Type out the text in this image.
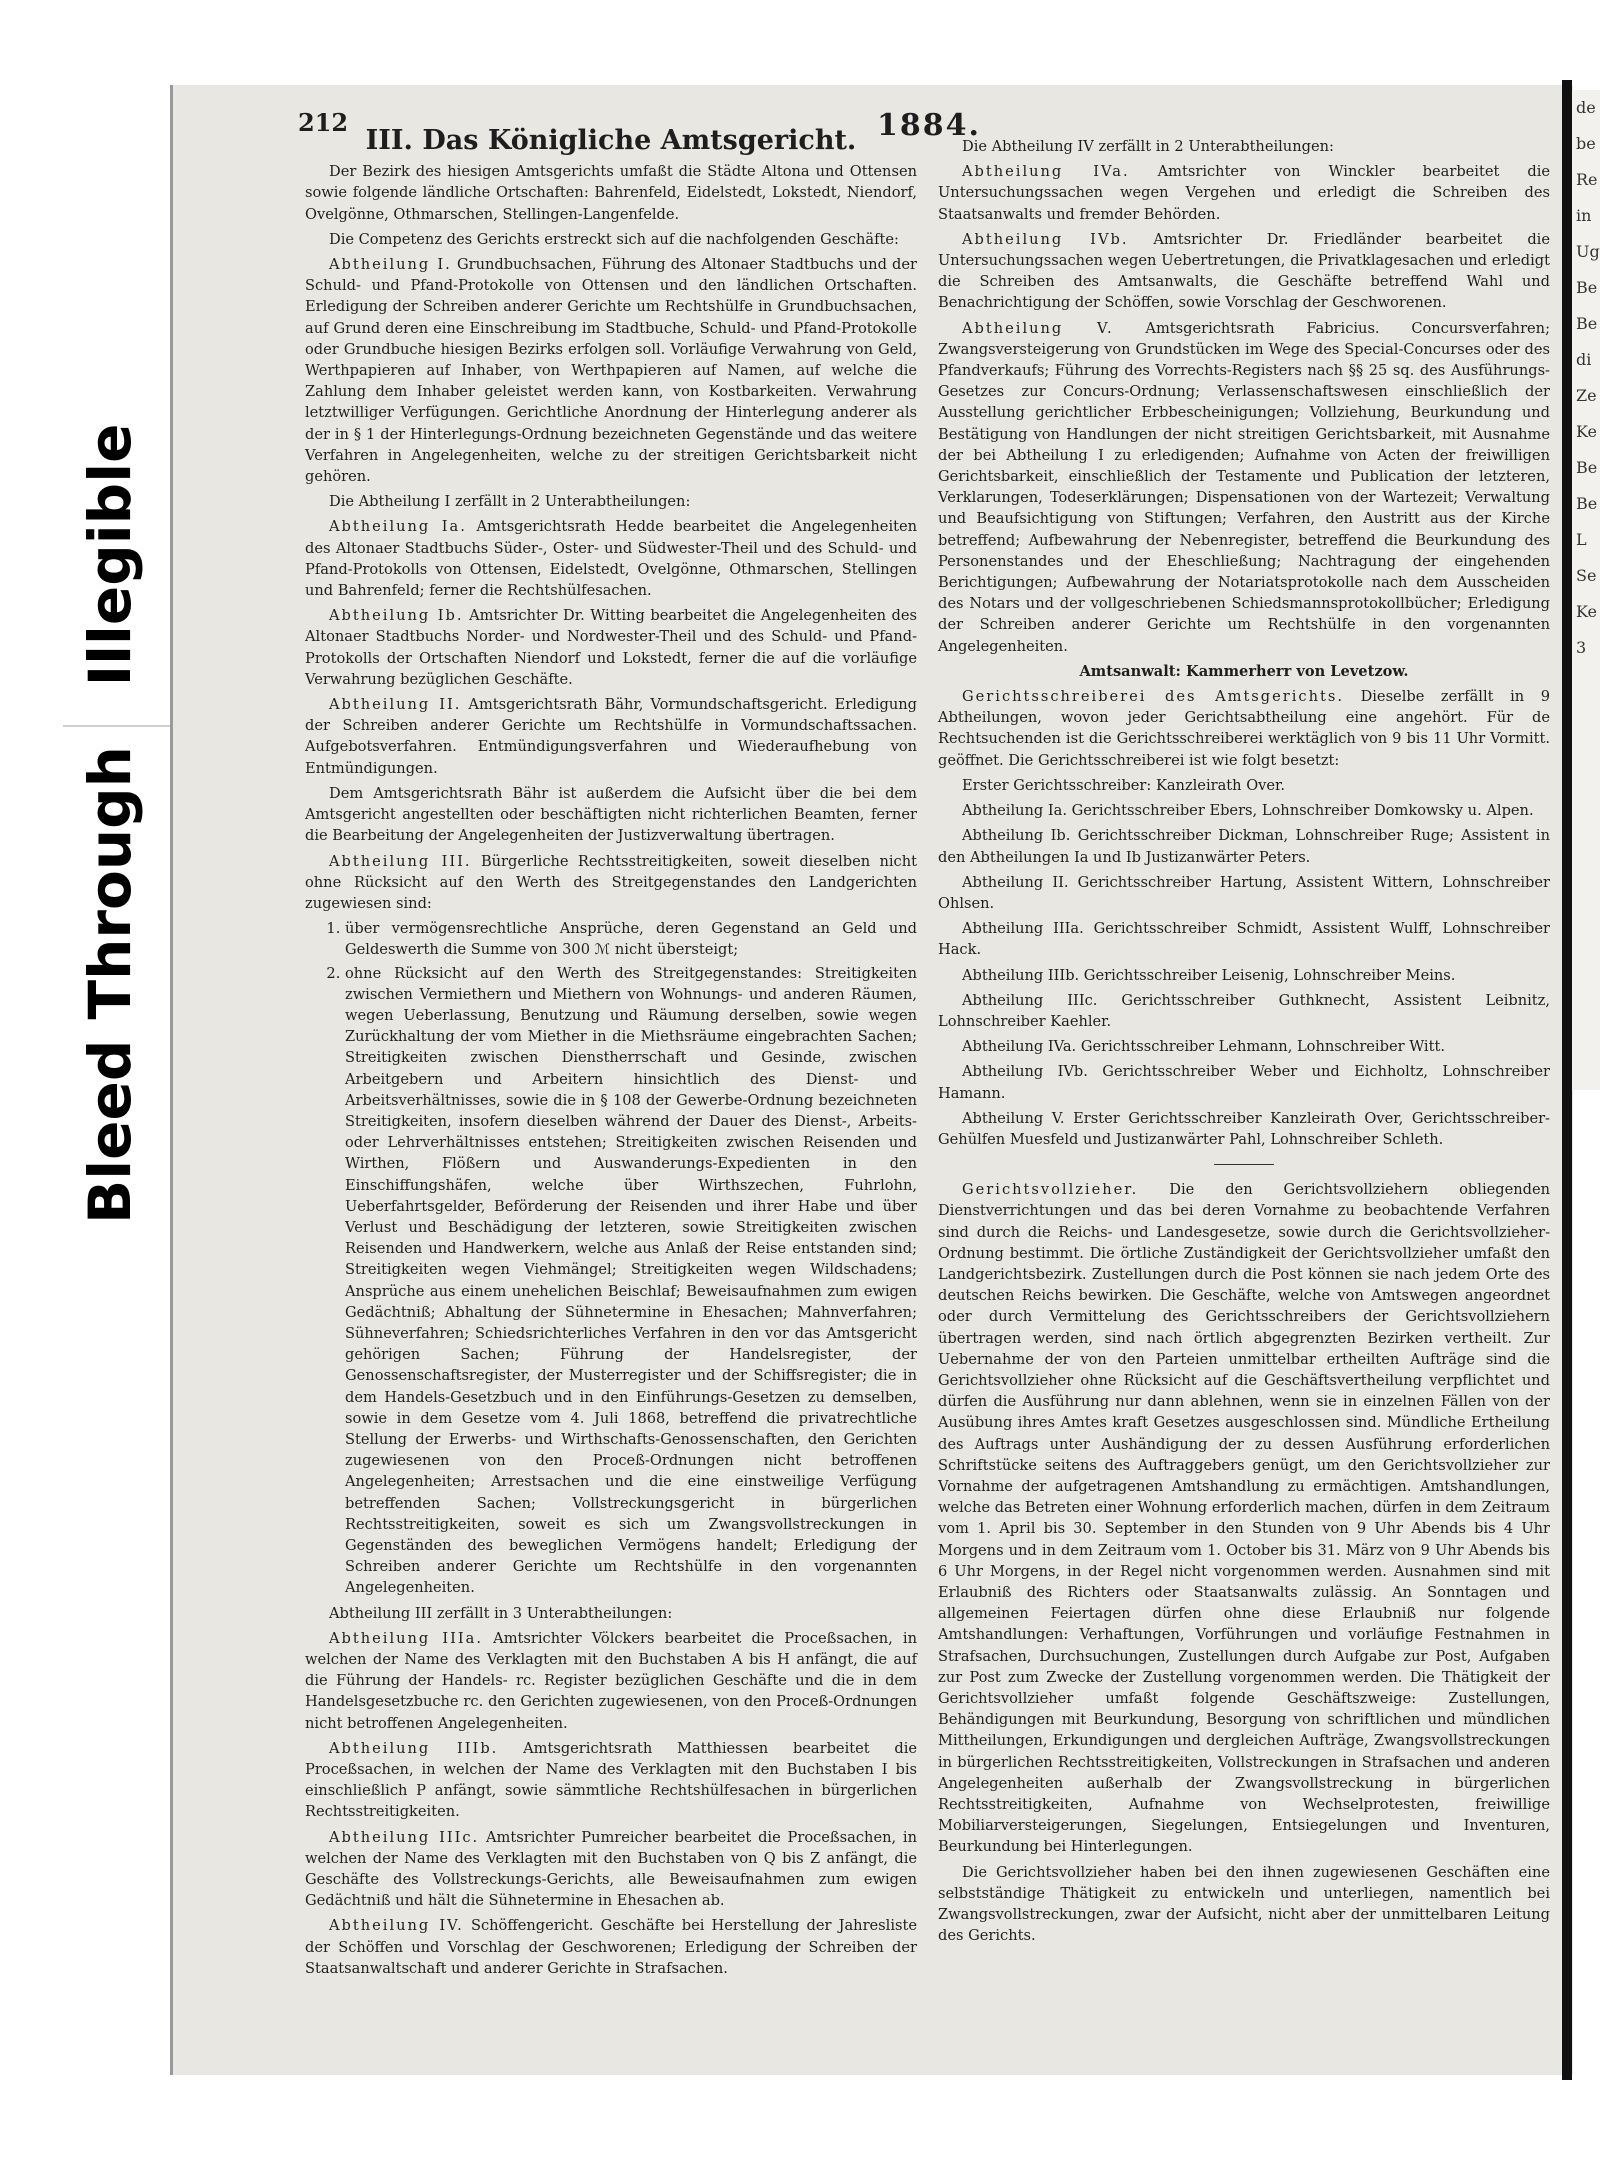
Illegible
Bleed Through
de
be
Re
in
Ug
Be
Be
di
Ze
Ke
Be
Be
L
Se
Ke
3
212	1884.
III. Das Königliche Amtsgericht.

Der Bezirk des hiesigen Amtsgerichts umfaßt die Städte Altona und Ottensen sowie folgende ländliche Ortschaften: Bahrenfeld, Eidelstedt, Lokstedt, Niendorf, Ovelgönne, Othmarschen, Stellingen-Langenfelde.

Die Competenz des Gerichts erstreckt sich auf die nachfolgenden Geschäfte:

Abtheilung I. Grundbuchsachen, Führung des Altonaer Stadtbuchs und der Schuld- und Pfand-Protokolle von Ottensen und den ländlichen Ortschaften. Erledigung der Schreiben anderer Gerichte um Rechtshülfe in Grundbuchsachen, auf Grund deren eine Einschreibung im Stadtbuche, Schuld- und Pfand-Protokolle oder Grundbuche hiesigen Bezirks erfolgen soll. Vorläufige Verwahrung von Geld, Werthpapieren auf Inhaber, von Werthpapieren auf Namen, auf welche die Zahlung dem Inhaber geleistet werden kann, von Kostbarkeiten. Verwahrung letztwilliger Verfügungen. Gerichtliche Anordnung der Hinterlegung anderer als der in § 1 der Hinterlegungs-Ordnung bezeichneten Gegenstände und das weitere Verfahren in Angelegenheiten, welche zu der streitigen Gerichtsbarkeit nicht gehören.

Die Abtheilung I zerfällt in 2 Unterabtheilungen:

Abtheilung Ia. Amtsgerichtsrath Hedde bearbeitet die Angelegenheiten des Altonaer Stadtbuchs Süder-, Oster- und Südwester-Theil und des Schuld- und Pfand-Protokolls von Ottensen, Eidelstedt, Ovelgönne, Othmarschen, Stellingen und Bahrenfeld; ferner die Rechtshülfesachen.

Abtheilung Ib. Amtsrichter Dr. Witting bearbeitet die Angelegenheiten des Altonaer Stadtbuchs Norder- und Nordwester-Theil und des Schuld- und Pfand-Protokolls der Ortschaften Niendorf und Lokstedt, ferner die auf die vorläufige Verwahrung bezüglichen Geschäfte.

Abtheilung II. Amtsgerichtsrath Bähr, Vormundschaftsgericht. Erledigung der Schreiben anderer Gerichte um Rechtshülfe in Vormundschaftssachen. Aufgebotsverfahren. Entmündigungsverfahren und Wiederaufhebung von Entmündigungen.

Dem Amtsgerichtsrath Bähr ist außerdem die Aufsicht über die bei dem Amtsgericht angestellten oder beschäftigten nicht richterlichen Beamten, ferner die Bearbeitung der Angelegenheiten der Justizverwaltung übertragen.

Abtheilung III. Bürgerliche Rechtsstreitigkeiten, soweit dieselben nicht ohne Rücksicht auf den Werth des Streitgegenstandes den Landgerichten zugewiesen sind:

1. über vermögensrechtliche Ansprüche, deren Gegenstand an Geld und Geldeswerth die Summe von 300 ℳ nicht übersteigt;
2. ohne Rücksicht auf den Werth des Streitgegenstandes: Streitigkeiten zwischen Vermiethern und Miethern von Wohnungs- und anderen Räumen, wegen Ueberlassung, Benutzung und Räumung derselben, sowie wegen Zurückhaltung der vom Miether in die Miethsräume eingebrachten Sachen; Streitigkeiten zwischen Dienstherrschaft und Gesinde, zwischen Arbeitgebern und Arbeitern hinsichtlich des Dienst- und Arbeitsverhältnisses, sowie die in § 108 der Gewerbe-Ordnung bezeichneten Streitigkeiten, insofern dieselben während der Dauer des Dienst-, Arbeits- oder Lehrverhältnisses entstehen; Streitigkeiten zwischen Reisenden und Wirthen, Flößern und Auswanderungs-Expedienten in den Einschiffungshäfen, welche über Wirthszechen, Fuhrlohn, Ueberfahrtsgelder, Beförderung der Reisenden und ihrer Habe und über Verlust und Beschädigung der letzteren, sowie Streitigkeiten zwischen Reisenden und Handwerkern, welche aus Anlaß der Reise entstanden sind; Streitigkeiten wegen Viehmängel; Streitigkeiten wegen Wildschadens; Ansprüche aus einem unehelichen Beischlaf; Beweisaufnahmen zum ewigen Gedächtniß; Abhaltung der Sühnetermine in Ehesachen; Mahnverfahren; Sühneverfahren; Schiedsrichterliches Verfahren in den vor das Amtsgericht gehörigen Sachen; Führung der Handelsregister, der Genossenschaftsregister, der Musterregister und der Schiffsregister; die in dem Handels-Gesetzbuch und in den Einführungs-Gesetzen zu demselben, sowie in dem Gesetze vom 4. Juli 1868, betreffend die privatrechtliche Stellung der Erwerbs- und Wirthschafts-Genossenschaften, den Gerichten zugewiesenen von den Proceß-Ordnungen nicht betroffenen Angelegenheiten; Arrestsachen und die eine einstweilige Verfügung betreffenden Sachen; Vollstreckungsgericht in bürgerlichen Rechtsstreitigkeiten, soweit es sich um Zwangsvollstreckungen in Gegenständen des beweglichen Vermögens handelt; Erledigung der Schreiben anderer Gerichte um Rechtshülfe in den vorgenannten Angelegenheiten.

Abtheilung III zerfällt in 3 Unterabtheilungen:

Abtheilung IIIa. Amtsrichter Völckers bearbeitet die Proceßsachen, in welchen der Name des Verklagten mit den Buchstaben A bis H anfängt, die auf die Führung der Handels- rc. Register bezüglichen Geschäfte und die in dem Handelsgesetzbuche rc. den Gerichten zugewiesenen, von den Proceß-Ordnungen nicht betroffenen Angelegenheiten.

Abtheilung IIIb. Amtsgerichtsrath Matthiessen bearbeitet die Proceßsachen, in welchen der Name des Verklagten mit den Buchstaben I bis einschließlich P anfängt, sowie sämmtliche Rechtshülfesachen in bürgerlichen Rechtsstreitigkeiten.

Abtheilung IIIc. Amtsrichter Pumreicher bearbeitet die Proceßsachen, in welchen der Name des Verklagten mit den Buchstaben von Q bis Z anfängt, die Geschäfte des Vollstreckungs-Gerichts, alle Beweisaufnahmen zum ewigen Gedächtniß und hält die Sühnetermine in Ehesachen ab.

Abtheilung IV. Schöffengericht. Geschäfte bei Herstellung der Jahresliste der Schöffen und Vorschlag der Geschworenen; Erledigung der Schreiben der Staatsanwaltschaft und anderer Gerichte in Strafsachen.

Die Abtheilung IV zerfällt in 2 Unterabtheilungen:

Abtheilung IVa. Amtsrichter von Winckler bearbeitet die Untersuchungssachen wegen Vergehen und erledigt die Schreiben des Staatsanwalts und fremder Behörden.

Abtheilung IVb. Amtsrichter Dr. Friedländer bearbeitet die Untersuchungssachen wegen Uebertretungen, die Privatklagesachen und erledigt die Schreiben des Amtsanwalts, die Geschäfte betreffend Wahl und Benachrichtigung der Schöffen, sowie Vorschlag der Geschworenen.

Abtheilung V. Amtsgerichtsrath Fabricius. Concursverfahren; Zwangsversteigerung von Grundstücken im Wege des Special-Concurses oder des Pfandverkaufs; Führung des Vorrechts-Registers nach §§ 25 sq. des Ausführungs-Gesetzes zur Concurs-Ordnung; Verlassenschaftswesen einschließlich der Ausstellung gerichtlicher Erbbescheinigungen; Vollziehung, Beurkundung und Bestätigung von Handlungen der nicht streitigen Gerichtsbarkeit, mit Ausnahme der bei Abtheilung I zu erledigenden; Aufnahme von Acten der freiwilligen Gerichtsbarkeit, einschließlich der Testamente und Publication der letzteren, Verklarungen, Todeserklärungen; Dispensationen von der Wartezeit; Verwaltung und Beaufsichtigung von Stiftungen; Verfahren, den Austritt aus der Kirche betreffend; Aufbewahrung der Nebenregister, betreffend die Beurkundung des Personenstandes und der Eheschließung; Nachtragung der eingehenden Berichtigungen; Aufbewahrung der Notariatsprotokolle nach dem Ausscheiden des Notars und der vollgeschriebenen Schiedsmannsprotokollbücher; Erledigung der Schreiben anderer Gerichte um Rechtshülfe in den vorgenannten Angelegenheiten.

Amtsanwalt: Kammerherr von Levetzow.

Gerichtsschreiberei des Amtsgerichts. Dieselbe zerfällt in 9 Abtheilungen, wovon jeder Gerichtsabtheilung eine angehört. Für de Rechtsuchenden ist die Gerichtsschreiberei werktäglich von 9 bis 11 Uhr Vormitt. geöffnet. Die Gerichtsschreiberei ist wie folgt besetzt:

Erster Gerichtsschreiber: Kanzleirath Over.

Abtheilung Ia. Gerichtsschreiber Ebers, Lohnschreiber Domkowsky u. Alpen.

Abtheilung Ib. Gerichtsschreiber Dickman, Lohnschreiber Ruge; Assistent in den Abtheilungen Ia und Ib Justizanwärter Peters.

Abtheilung II. Gerichtsschreiber Hartung, Assistent Wittern, Lohnschreiber Ohlsen.

Abtheilung IIIa. Gerichtsschreiber Schmidt, Assistent Wulff, Lohnschreiber Hack.

Abtheilung IIIb. Gerichtsschreiber Leisenig, Lohnschreiber Meins.

Abtheilung IIIc. Gerichtsschreiber Guthknecht, Assistent Leibnitz, Lohnschreiber Kaehler.

Abtheilung IVa. Gerichtsschreiber Lehmann, Lohnschreiber Witt.

Abtheilung IVb. Gerichtsschreiber Weber und Eichholtz, Lohnschreiber Hamann.

Abtheilung V. Erster Gerichtsschreiber Kanzleirath Over, Gerichtsschreiber-Gehülfen Muesfeld und Justizanwärter Pahl, Lohnschreiber Schleth.

Gerichtsvollzieher. Die den Gerichtsvollziehern obliegenden Dienstverrichtungen und das bei deren Vornahme zu beobachtende Verfahren sind durch die Reichs- und Landesgesetze, sowie durch die Gerichtsvollzieher-Ordnung bestimmt. Die örtliche Zuständigkeit der Gerichtsvollzieher umfaßt den Landgerichtsbezirk. Zustellungen durch die Post können sie nach jedem Orte des deutschen Reichs bewirken. Die Geschäfte, welche von Amtswegen angeordnet oder durch Vermittelung des Gerichtsschreibers der Gerichtsvollziehern übertragen werden, sind nach örtlich abgegrenzten Bezirken vertheilt. Zur Uebernahme der von den Parteien unmittelbar ertheilten Aufträge sind die Gerichtsvollzieher ohne Rücksicht auf die Geschäftsvertheilung verpflichtet und dürfen die Ausführung nur dann ablehnen, wenn sie in einzelnen Fällen von der Ausübung ihres Amtes kraft Gesetzes ausgeschlossen sind. Mündliche Ertheilung des Auftrags unter Aushändigung der zu dessen Ausführung erforderlichen Schriftstücke seitens des Auftraggebers genügt, um den Gerichtsvollzieher zur Vornahme der aufgetragenen Amtshandlung zu ermächtigen. Amtshandlungen, welche das Betreten einer Wohnung erforderlich machen, dürfen in dem Zeitraum vom 1. April bis 30. September in den Stunden von 9 Uhr Abends bis 4 Uhr Morgens und in dem Zeitraum vom 1. October bis 31. März von 9 Uhr Abends bis 6 Uhr Morgens, in der Regel nicht vorgenommen werden. Ausnahmen sind mit Erlaubniß des Richters oder Staatsanwalts zulässig. An Sonntagen und allgemeinen Feiertagen dürfen ohne diese Erlaubniß nur folgende Amtshandlungen: Verhaftungen, Vorführungen und vorläufige Festnahmen in Strafsachen, Durchsuchungen, Zustellungen durch Aufgabe zur Post, Aufgaben zur Post zum Zwecke der Zustellung vorgenommen werden. Die Thätigkeit der Gerichtsvollzieher umfaßt folgende Geschäftszweige: Zustellungen, Behändigungen mit Beurkundung, Besorgung von schriftlichen und mündlichen Mittheilungen, Erkundigungen und dergleichen Aufträge, Zwangsvollstreckungen in bürgerlichen Rechtsstreitigkeiten, Vollstreckungen in Strafsachen und anderen Angelegenheiten außerhalb der Zwangsvollstreckung in bürgerlichen Rechtsstreitigkeiten, Aufnahme von Wechselprotesten, freiwillige Mobiliarversteigerungen, Siegelungen, Entsiegelungen und Inventuren, Beurkundung bei Hinterlegungen.

Die Gerichtsvollzieher haben bei den ihnen zugewiesenen Geschäften eine selbstständige Thätigkeit zu entwickeln und unterliegen, namentlich bei Zwangsvollstreckungen, zwar der Aufsicht, nicht aber der unmittelbaren Leitung des Gerichts.
